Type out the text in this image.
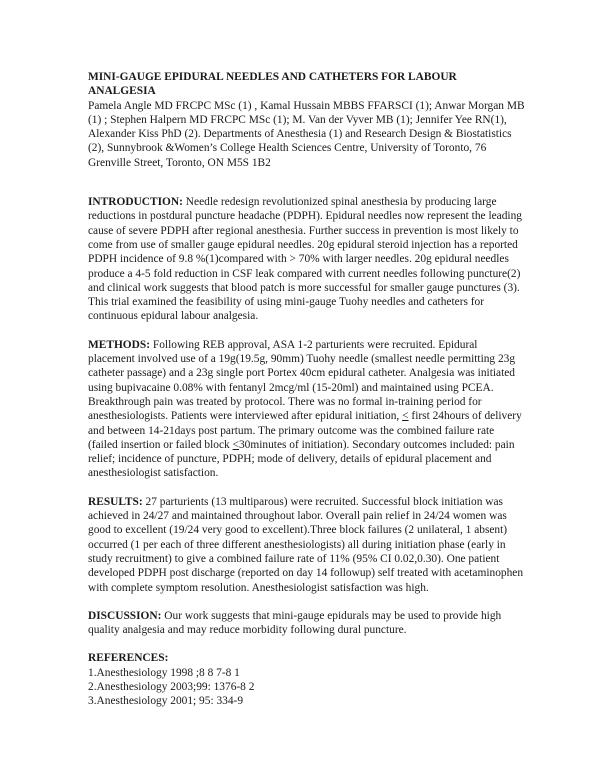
MINI-GAUGE EPIDURAL NEEDLES AND CATHETERS FOR LABOUR ANALGESIA

Pamela Angle MD FRCPC MSc (1) , Kamal Hussain MBBS FFARSCI (1); Anwar Morgan MB (1) ; Stephen Halpern MD FRCPC MSc (1); M. Van der Vyver MB (1); Jennifer Yee RN(1), Alexander Kiss PhD (2). Departments of Anesthesia (1) and Research Design & Biostatistics (2), Sunnybrook &Women’s College Health Sciences Centre, University of Toronto, 76 Grenville Street, Toronto, ON M5S 1B2

INTRODUCTION: Needle redesign revolutionized spinal anesthesia by producing large reductions in postdural puncture headache (PDPH). Epidural needles now represent the leading cause of severe PDPH after regional anesthesia. Further success in prevention is most likely to come from use of smaller gauge epidural needles. 20g epidural steroid injection has a reported PDPH incidence of 9.8 %(1)compared with > 70% with larger needles. 20g epidural needles produce a 4-5 fold reduction in CSF leak compared with current needles following puncture(2) and clinical work suggests that blood patch is more successful for smaller gauge punctures (3). This trial examined the feasibility of using mini-gauge Tuohy needles and catheters for continuous epidural labour analgesia.

METHODS: Following REB approval, ASA 1-2 parturients were recruited. Epidural placement involved use of a 19g(19.5g, 90mm) Tuohy needle (smallest needle permitting 23g catheter passage) and a 23g single port Portex 40cm epidural catheter. Analgesia was initiated using bupivacaine 0.08% with fentanyl 2mcg/ml (15-20ml) and maintained using PCEA. Breakthrough pain was treated by protocol. There was no formal in-training period for anesthesiologists. Patients were interviewed after epidural initiation, < first 24hours of delivery and between 14-21days post partum. The primary outcome was the combined failure rate (failed insertion or failed block <30minutes of initiation). Secondary outcomes included: pain relief; incidence of puncture, PDPH; mode of delivery, details of epidural placement and anesthesiologist satisfaction.

RESULTS: 27 parturients (13 multiparous) were recruited. Successful block initiation was achieved in 24/27 and maintained throughout labor. Overall pain relief in 24/24 women was good to excellent (19/24 very good to excellent).Three block failures (2 unilateral, 1 absent) occurred (1 per each of three different anesthesiologists) all during initiation phase (early in study recruitment) to give a combined failure rate of 11% (95% CI 0.02,0.30). One patient developed PDPH post discharge (reported on day 14 followup) self treated with acetaminophen with complete symptom resolution. Anesthesiologist satisfaction was high.

DISCUSSION: Our work suggests that mini-gauge epidurals may be used to provide high quality analgesia and may reduce morbidity following dural puncture.

REFERENCES:

1.Anesthesiology 1998 ;8 8 7-8 1

2.Anesthesiology 2003;99: 1376-8 2

3.Anesthesiology 2001; 95: 334-9
